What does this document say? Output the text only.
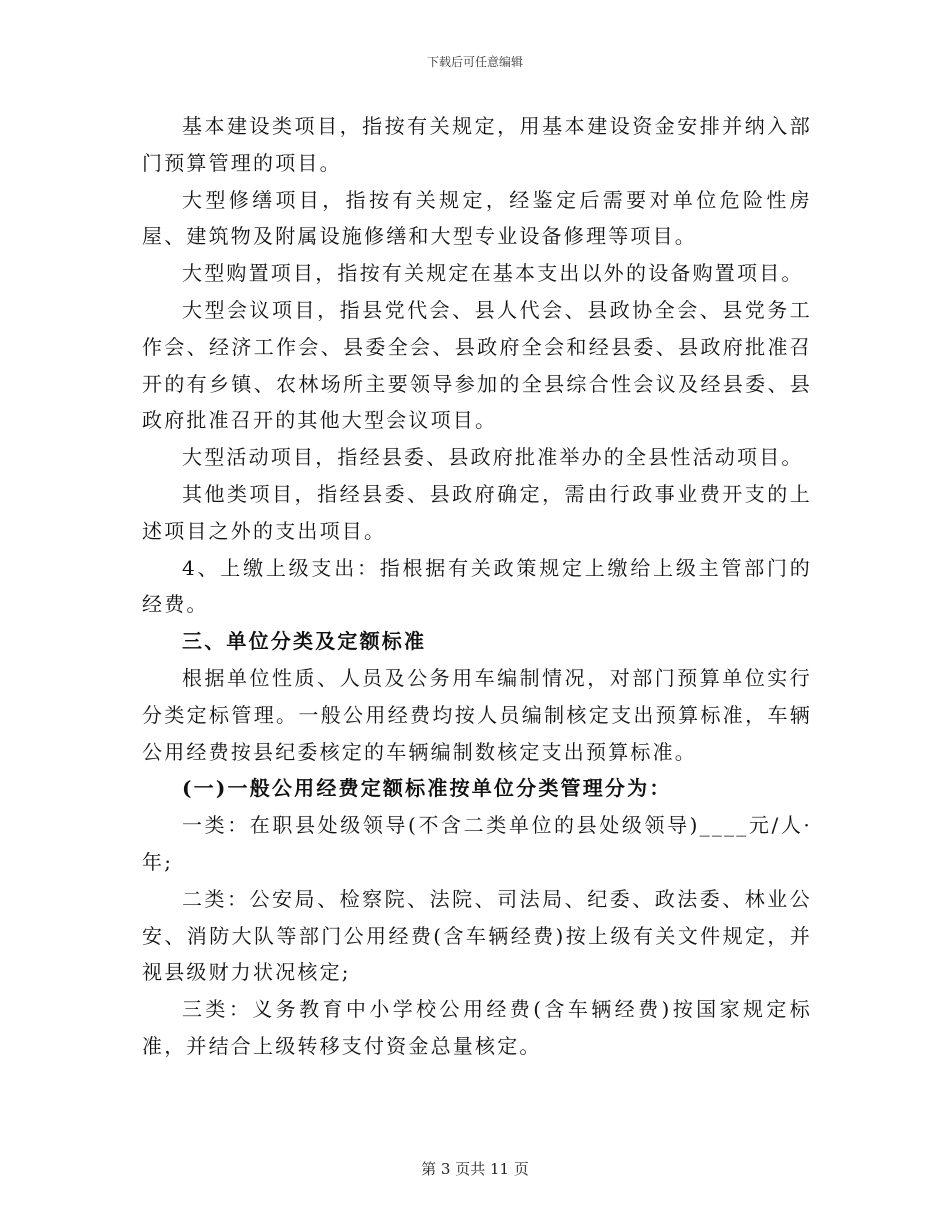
下载后可任意编辑

基本建设类项目，指按有关规定，用基本建设资金安排并纳入部门预算管理的项目。

大型修缮项目，指按有关规定，经鉴定后需要对单位危险性房屋、建筑物及附属设施修缮和大型专业设备修理等项目。

大型购置项目，指按有关规定在基本支出以外的设备购置项目。

大型会议项目，指县党代会、县人代会、县政协全会、县党务工作会、经济工作会、县委全会、县政府全会和经县委、县政府批准召开的有乡镇、农林场所主要领导参加的全县综合性会议及经县委、县政府批准召开的其他大型会议项目。

大型活动项目，指经县委、县政府批准举办的全县性活动项目。

其他类项目，指经县委、县政府确定，需由行政事业费开支的上述项目之外的支出项目。

4、上缴上级支出：指根据有关政策规定上缴给上级主管部门的经费。

三、单位分类及定额标准

根据单位性质、人员及公务用车编制情况，对部门预算单位实行分类定标管理。一般公用经费均按人员编制核定支出预算标准，车辆公用经费按县纪委核定的车辆编制数核定支出预算标准。

(一)一般公用经费定额标准按单位分类管理分为：

一类：在职县处级领导(不含二类单位的县处级领导)____元/人·年;

二类：公安局、检察院、法院、司法局、纪委、政法委、林业公安、消防大队等部门公用经费(含车辆经费)按上级有关文件规定，并视县级财力状况核定;

三类：义务教育中小学校公用经费(含车辆经费)按国家规定标准，并结合上级转移支付资金总量核定。

第 3 页共 11 页
